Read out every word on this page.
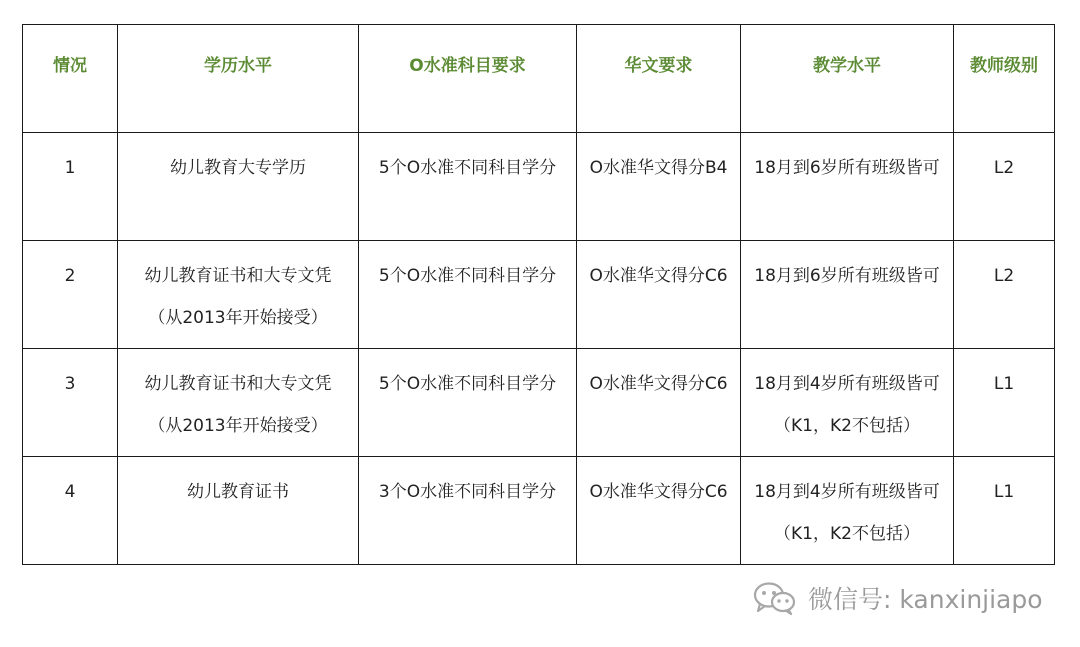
情况	学历水平	O水准科目要求	华文要求	教学水平	教师级别

1	幼儿教育大专学历	5个O水准不同科目学分	O水准华文得分B4	18月到6岁所有班级皆可	L2

2	幼儿教育证书和大专文凭
（从2013年开始接受）	5个O水准不同科目学分	O水准华文得分C6	18月到6岁所有班级皆可	L2

3	幼儿教育证书和大专文凭
（从2013年开始接受）	5个O水准不同科目学分	O水准华文得分C6	18月到4岁所有班级皆可
（K1，K2不包括）	L1

4	幼儿教育证书	3个O水准不同科目学分	O水准华文得分C6	18月到4岁所有班级皆可
（K1，K2不包括）	L1
微信号: kanxinjiapo
